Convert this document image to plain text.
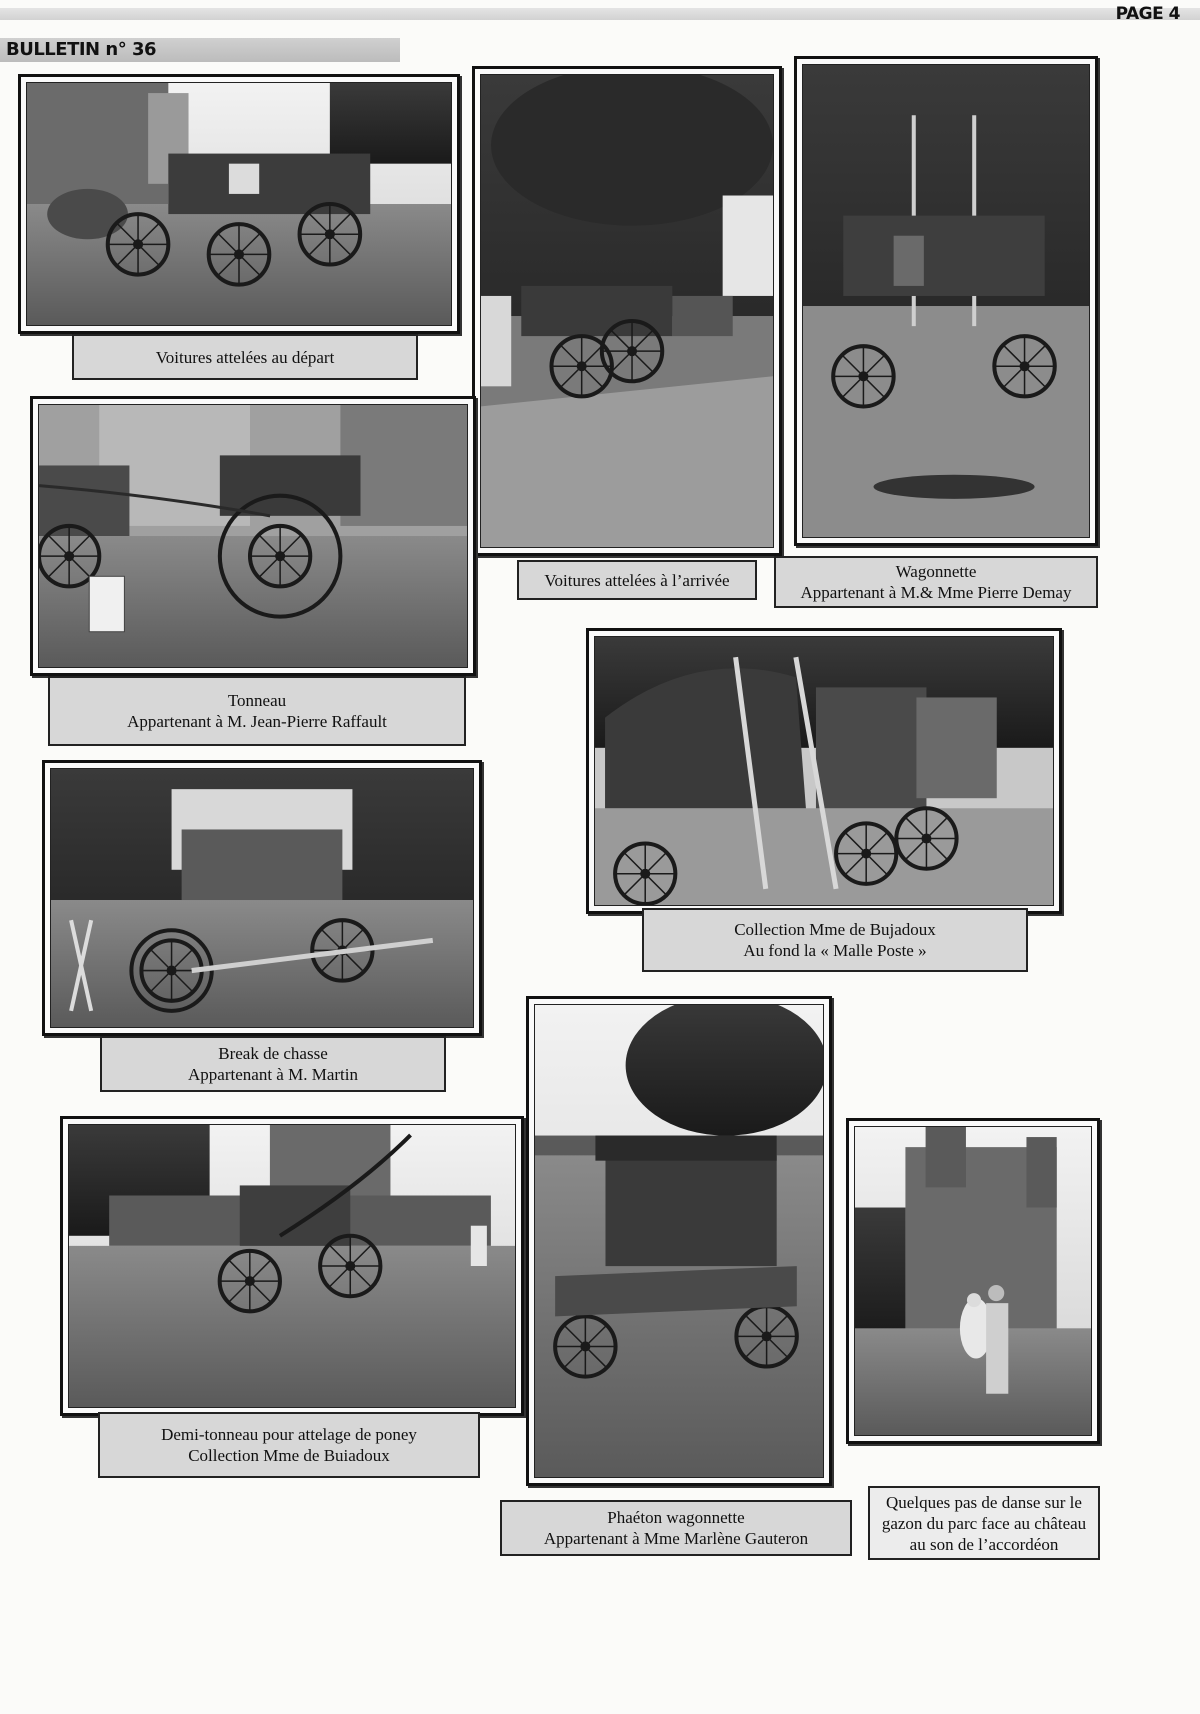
BULLETIN n° 36
PAGE 4
Voitures attelées au départ
Voitures attelées à l’arrivée	Wagonnette
Appartenant à M.& Mme Pierre Demay
Tonneau
Appartenant à M. Jean-Pierre Raffault
Collection Mme de Bujadoux
Au fond la « Malle Poste »
Break de chasse
Appartenant à M. Martin
Demi-tonneau pour attelage de poney
Collection Mme de Buiadoux
Phaéton wagonnette
Appartenant à Mme Marlène Gauteron
Quelques pas de danse sur le
gazon du parc face au château
au son de l’accordéon
